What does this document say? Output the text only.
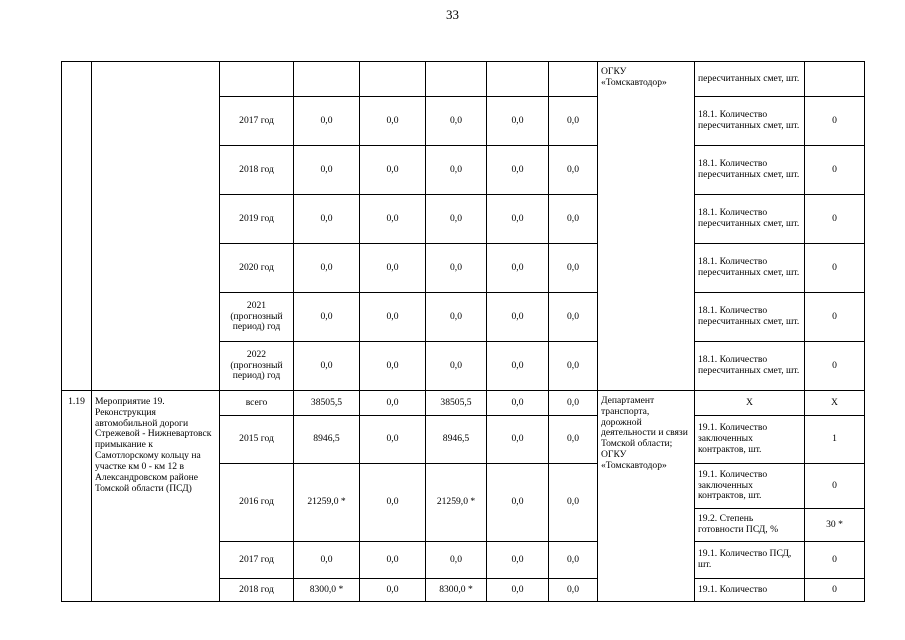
33
								ОГКУ «Томскавтодор»	пересчитанных смет, шт.	
		2017 год	0,0	0,0	0,0	0,0	0,0		18.1. Количество пересчитанных смет, шт.	0
		2018 год	0,0	0,0	0,0	0,0	0,0		18.1. Количество пересчитанных смет, шт.	0
		2019 год	0,0	0,0	0,0	0,0	0,0		18.1. Количество пересчитанных смет, шт.	0
		2020 год	0,0	0,0	0,0	0,0	0,0		18.1. Количество пересчитанных смет, шт.	0
		2021 (прогнозный период) год	0,0	0,0	0,0	0,0	0,0		18.1. Количество пересчитанных смет, шт.	0
		2022 (прогнозный период) год	0,0	0,0	0,0	0,0	0,0		18.1. Количество пересчитанных смет, шт.	0
1.19	Мероприятие 19. Реконструкция автомобильной дороги Стрежевой - Нижневартовск примыкание к Самотлорскому кольцу на участке км 0 - км 12 в Александровском районе Томской области (ПСД)	всего	38505,5	0,0	38505,5	0,0	0,0	Департамент транспорта, дорожной деятельности и связи Томской области; ОГКУ «Томскавтодор»	Х	Х
		2015 год	8946,5	0,0	8946,5	0,0	0,0		19.1. Количество заключенных контрактов, шт.	1
		2016 год	21259,0 *	0,0	21259,0 *	0,0	0,0		19.1. Количество заключенных контрактов, шт.	0
									19.2. Степень готовности ПСД, %	30 *
		2017 год	0,0	0,0	0,0	0,0	0,0		19.1. Количество ПСД, шт.	0
		2018 год	8300,0 *	0,0	8300,0 *	0,0	0,0		19.1. Количество	0
